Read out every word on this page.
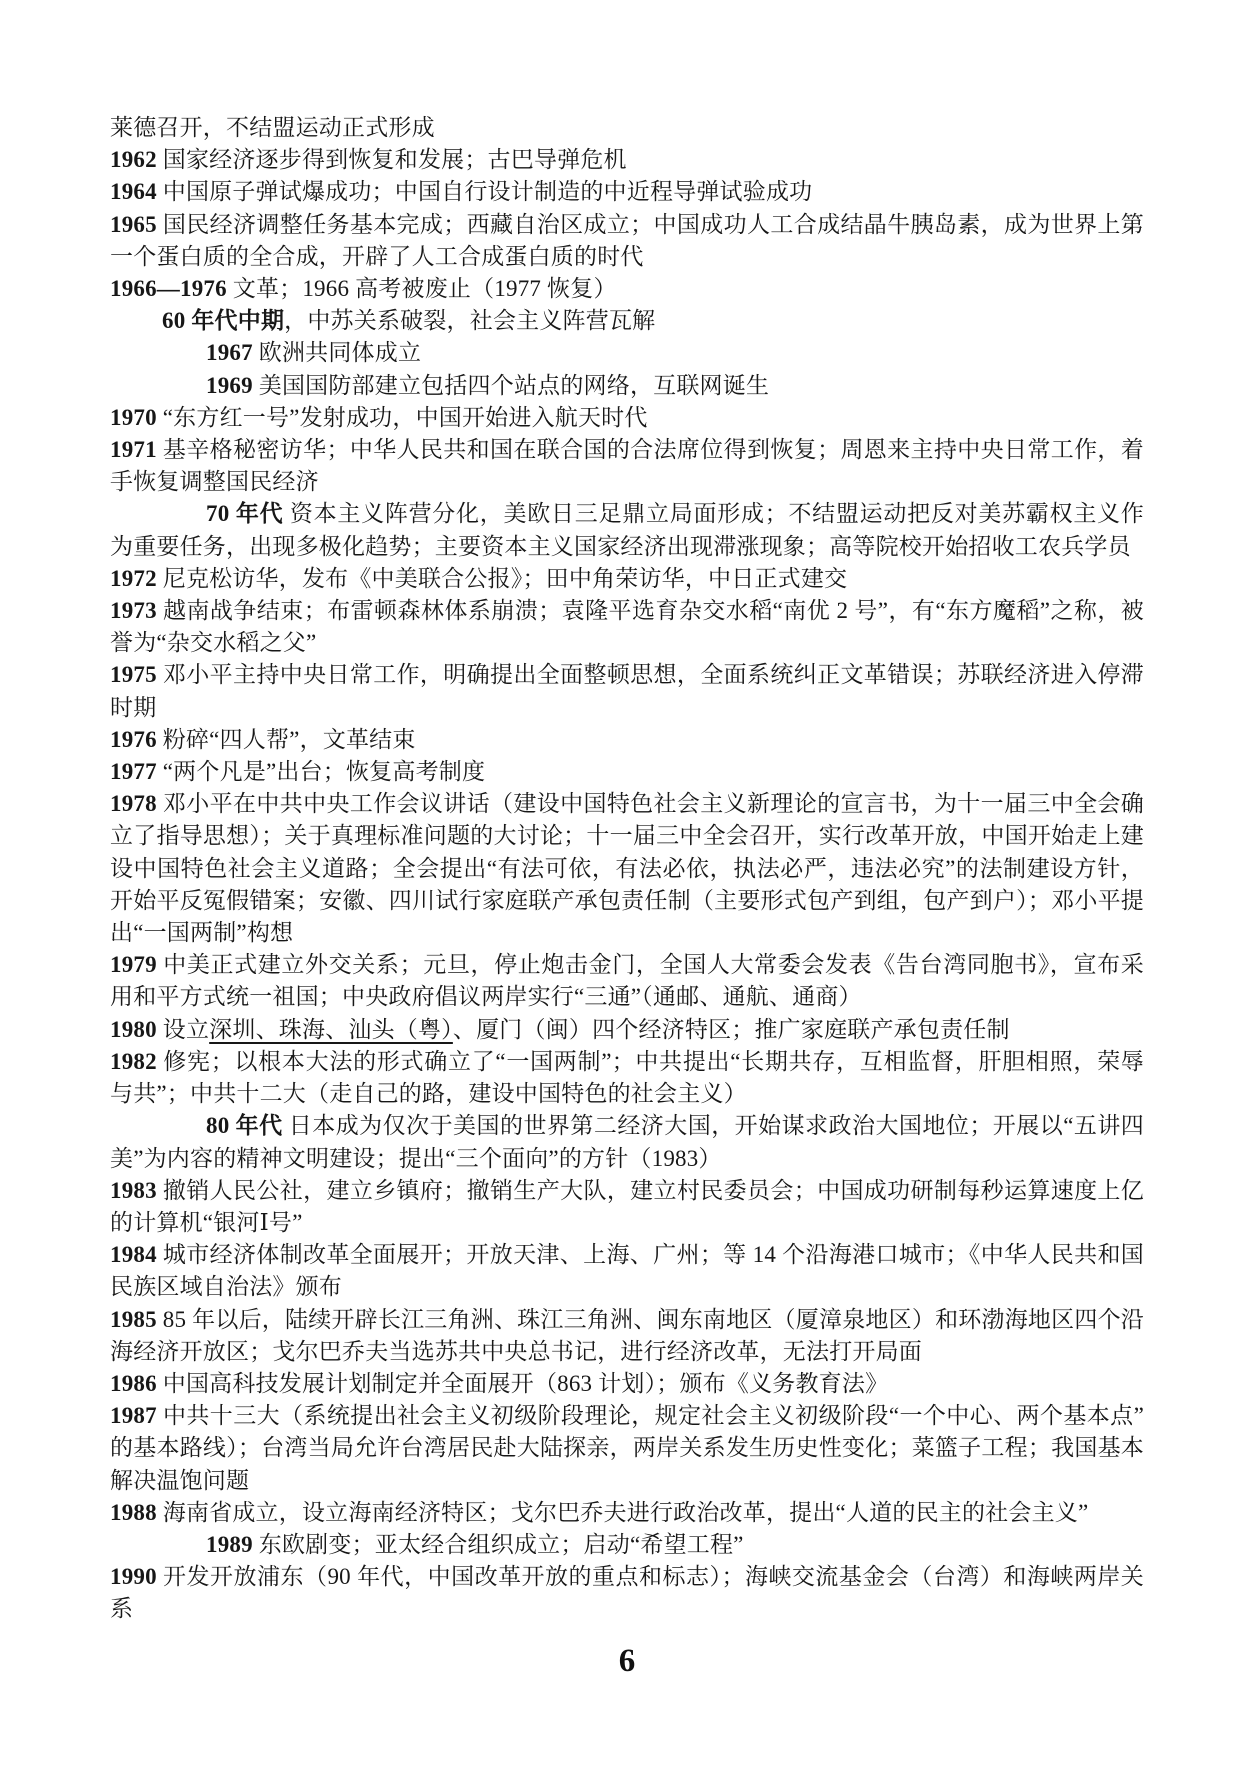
莱德召开，不结盟运动正式形成

1962 国家经济逐步得到恢复和发展；古巴导弹危机

1964 中国原子弹试爆成功；中国自行设计制造的中近程导弹试验成功

1965 国民经济调整任务基本完成；西藏自治区成立；中国成功人工合成结晶牛胰岛素，成为世界上第一个蛋白质的全合成，开辟了人工合成蛋白质的时代

1966—1976 文革；1966 高考被废止（1977 恢复）

60 年代中期，中苏关系破裂，社会主义阵营瓦解

1967 欧洲共同体成立

1969 美国国防部建立包括四个站点的网络，互联网诞生

1970 “东方红一号”发射成功，中国开始进入航天时代

1971 基辛格秘密访华；中华人民共和国在联合国的合法席位得到恢复；周恩来主持中央日常工作，着手恢复调整国民经济

70 年代 资本主义阵营分化，美欧日三足鼎立局面形成；不结盟运动把反对美苏霸权主义作为重要任务，出现多极化趋势；主要资本主义国家经济出现滞涨现象；高等院校开始招收工农兵学员

1972 尼克松访华，发布《中美联合公报》；田中角荣访华，中日正式建交

1973 越南战争结束；布雷顿森林体系崩溃；袁隆平选育杂交水稻“南优 2 号”，有“东方魔稻”之称，被誉为“杂交水稻之父”

1975 邓小平主持中央日常工作，明确提出全面整顿思想，全面系统纠正文革错误；苏联经济进入停滞时期

1976 粉碎“四人帮”，文革结束

1977 “两个凡是”出台；恢复高考制度

1978 邓小平在中共中央工作会议讲话（建设中国特色社会主义新理论的宣言书，为十一届三中全会确立了指导思想）；关于真理标准问题的大讨论；十一届三中全会召开，实行改革开放，中国开始走上建设中国特色社会主义道路；全会提出“有法可依，有法必依，执法必严，违法必究”的法制建设方针，开始平反冤假错案；安徽、四川试行家庭联产承包责任制（主要形式包产到组，包产到户）；邓小平提出“一国两制”构想

1979 中美正式建立外交关系；元旦，停止炮击金门，全国人大常委会发表《告台湾同胞书》，宣布采用和平方式统一祖国；中央政府倡议两岸实行“三通”（通邮、通航、通商）

1980 设立深圳、珠海、汕头（粤）、厦门（闽）四个经济特区；推广家庭联产承包责任制

1982 修宪；以根本大法的形式确立了“一国两制”；中共提出“长期共存，互相监督，肝胆相照，荣辱与共”；中共十二大（走自己的路，建设中国特色的社会主义）

80 年代 日本成为仅次于美国的世界第二经济大国，开始谋求政治大国地位；开展以“五讲四美”为内容的精神文明建设；提出“三个面向”的方针（1983）

1983 撤销人民公社，建立乡镇府；撤销生产大队，建立村民委员会；中国成功研制每秒运算速度上亿的计算机“银河Ⅰ号”

1984 城市经济体制改革全面展开；开放天津、上海、广州；等 14 个沿海港口城市；《中华人民共和国民族区域自治法》颁布

1985 85 年以后，陆续开辟长江三角洲、珠江三角洲、闽东南地区（厦漳泉地区）和环渤海地区四个沿海经济开放区；戈尔巴乔夫当选苏共中央总书记，进行经济改革，无法打开局面

1986 中国高科技发展计划制定并全面展开（863 计划）；颁布《义务教育法》

1987 中共十三大（系统提出社会主义初级阶段理论，规定社会主义初级阶段“一个中心、两个基本点”的基本路线）；台湾当局允许台湾居民赴大陆探亲，两岸关系发生历史性变化；菜篮子工程；我国基本解决温饱问题

1988 海南省成立，设立海南经济特区；戈尔巴乔夫进行政治改革，提出“人道的民主的社会主义”

1989 东欧剧变；亚太经合组织成立；启动“希望工程”

1990 开发开放浦东（90 年代，中国改革开放的重点和标志）；海峡交流基金会（台湾）和海峡两岸关系

6
